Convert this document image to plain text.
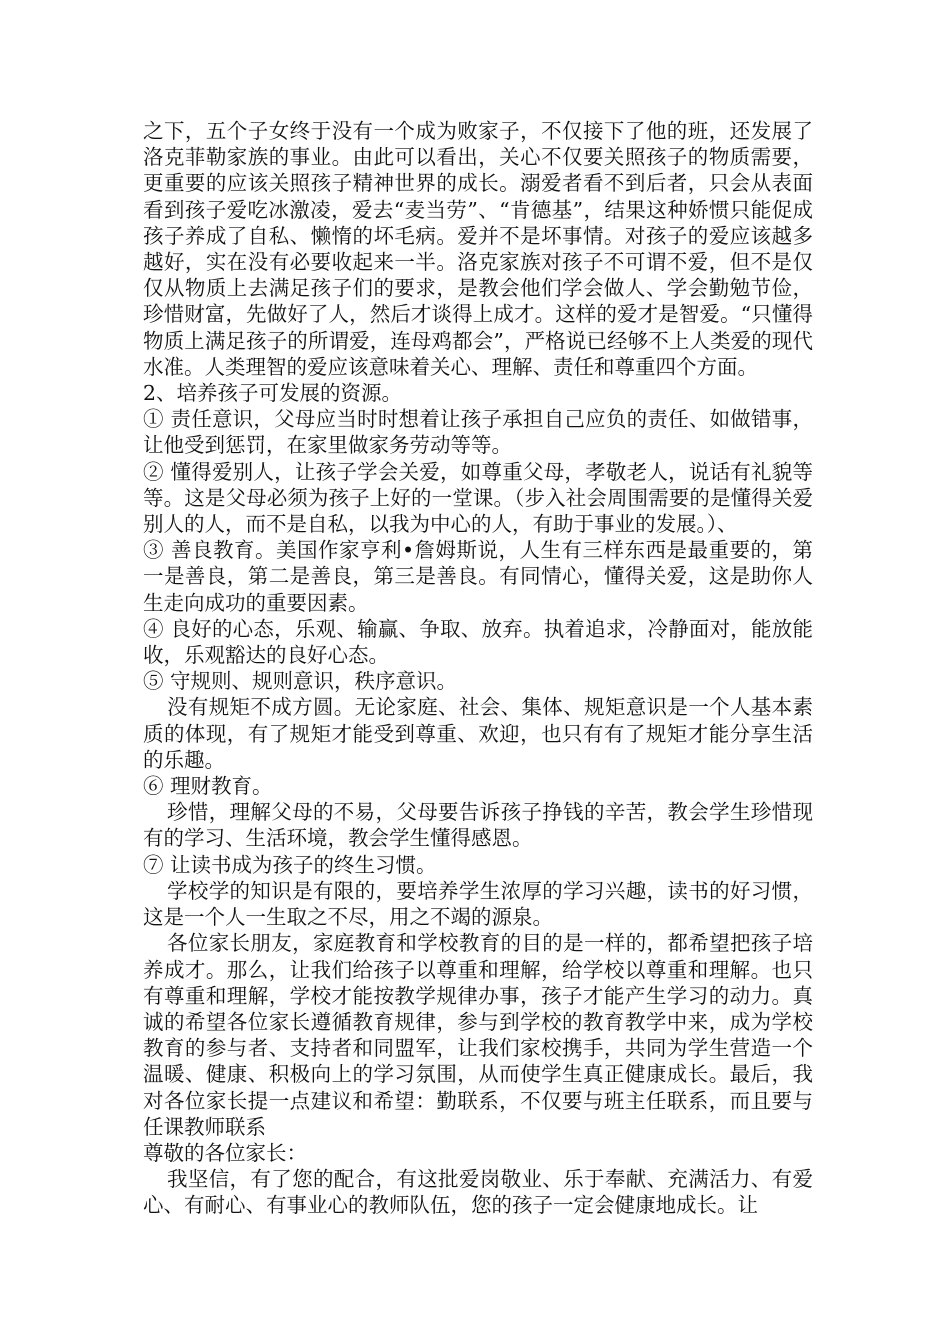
之下，五个子女终于没有一个成为败家子，不仅接下了他的班，还发展了洛克菲勒家族的事业。由此可以看出，关心不仅要关照孩子的物质需要，更重要的应该关照孩子精神世界的成长。溺爱者看不到后者，只会从表面看到孩子爱吃冰激凌，爱去“麦当劳”、“肯德基”，结果这种娇惯只能促成孩子养成了自私、懒惰的坏毛病。爱并不是坏事情。对孩子的爱应该越多越好，实在没有必要收起来一半。洛克家族对孩子不可谓不爱，但不是仅仅从物质上去满足孩子们的要求，是教会他们学会做人、学会勤勉节俭，珍惜财富，先做好了人，然后才谈得上成才。这样的爱才是智爱。“只懂得物质上满足孩子的所谓爱，连母鸡都会”，严格说已经够不上人类爱的现代水准。人类理智的爱应该意味着关心、理解、责任和尊重四个方面。

2、培养孩子可发展的资源。

① 责任意识，父母应当时时想着让孩子承担自己应负的责任、如做错事，让他受到惩罚，在家里做家务劳动等等。

② 懂得爱别人，让孩子学会关爱，如尊重父母，孝敬老人，说话有礼貌等等。这是父母必须为孩子上好的一堂课。（步入社会周围需要的是懂得关爱别人的人，而不是自私，以我为中心的人，有助于事业的发展。）、

③ 善良教育。美国作家亨利•詹姆斯说，人生有三样东西是最重要的，第一是善良，第二是善良，第三是善良。有同情心，懂得关爱，这是助你人生走向成功的重要因素。

④ 良好的心态，乐观、输赢、争取、放弃。执着追求，冷静面对，能放能收，乐观豁达的良好心态。

⑤ 守规则、规则意识，秩序意识。

没有规矩不成方圆。无论家庭、社会、集体、规矩意识是一个人基本素质的体现，有了规矩才能受到尊重、欢迎，也只有有了规矩才能分享生活的乐趣。

⑥ 理财教育。

珍惜，理解父母的不易，父母要告诉孩子挣钱的辛苦，教会学生珍惜现有的学习、生活环境，教会学生懂得感恩。

⑦ 让读书成为孩子的终生习惯。

学校学的知识是有限的，要培养学生浓厚的学习兴趣，读书的好习惯，这是一个人一生取之不尽，用之不竭的源泉。

各位家长朋友，家庭教育和学校教育的目的是一样的，都希望把孩子培养成才。那么，让我们给孩子以尊重和理解，给学校以尊重和理解。也只有尊重和理解，学校才能按教学规律办事，孩子才能产生学习的动力。真诚的希望各位家长遵循教育规律，参与到学校的教育教学中来，成为学校教育的参与者、支持者和同盟军，让我们家校携手，共同为学生营造一个温暖、健康、积极向上的学习氛围，从而使学生真正健康成长。最后，我对各位家长提一点建议和希望：勤联系，不仅要与班主任联系，而且要与任课教师联系

尊敬的各位家长：

我坚信，有了您的配合，有这批爱岗敬业、乐于奉献、充满活力、有爱心、有耐心、有事业心的教师队伍，您的孩子一定会健康地成长。让
